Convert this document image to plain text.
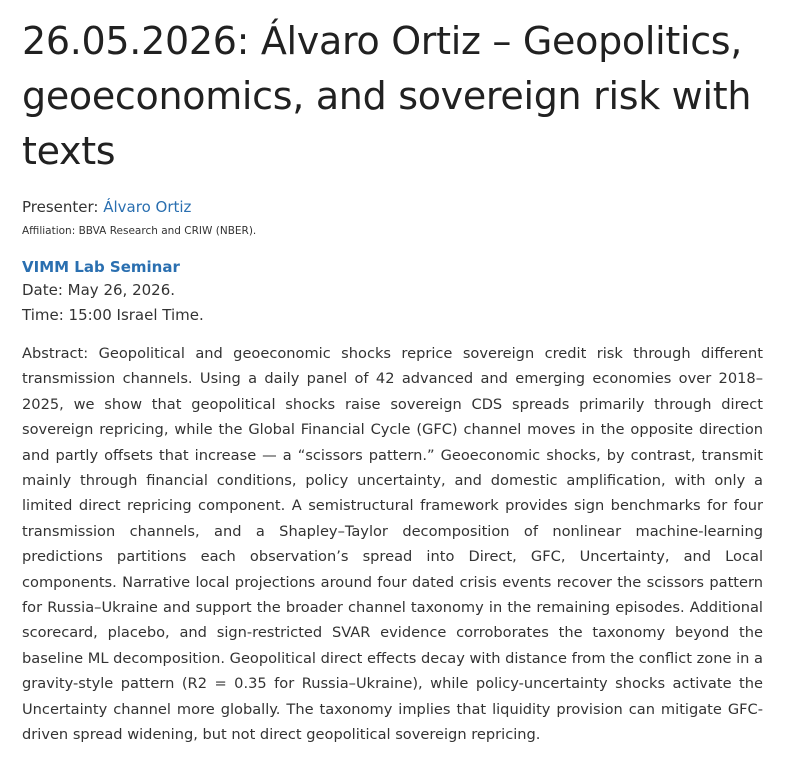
26.05.2026: Álvaro Ortiz – Geopolitics, geoeconomics, and sovereign risk with texts
Presenter: Álvaro Ortiz
Affiliation: BBVA Research and CRIW (NBER).
VIMM Lab Seminar
Date: May 26, 2026.
Time: 15:00 Israel Time.

Abstract: Geopolitical and geoeconomic shocks reprice sovereign credit risk through different transmission channels. Using a daily panel of 42 advanced and emerging economies over 2018–2025, we show that geopolitical shocks raise sovereign CDS spreads primarily through direct sovereign repricing, while the Global Financial Cycle (GFC) channel moves in the opposite direction and partly offsets that increase — a “scissors pattern.” Geoeconomic shocks, by contrast, transmit mainly through financial conditions, policy uncertainty, and domestic amplification, with only a limited direct repricing component. A semistructural framework provides sign benchmarks for four transmission channels, and a Shapley–Taylor decomposition of nonlinear machine-learning predictions partitions each observation’s spread into Direct, GFC, Uncertainty, and Local components. Narrative local projections around four dated crisis events recover the scissors pattern for Russia–Ukraine and support the broader channel taxonomy in the remaining episodes. Additional scorecard, placebo, and sign-restricted SVAR evidence corroborates the taxonomy beyond the baseline ML decomposition. Geopolitical direct effects decay with distance from the conflict zone in a gravity-style pattern (R2 = 0.35 for Russia–Ukraine), while policy-uncertainty shocks activate the Uncertainty channel more globally. The taxonomy implies that liquidity provision can mitigate GFC-driven spread widening, but not direct geopolitical sovereign repricing.
